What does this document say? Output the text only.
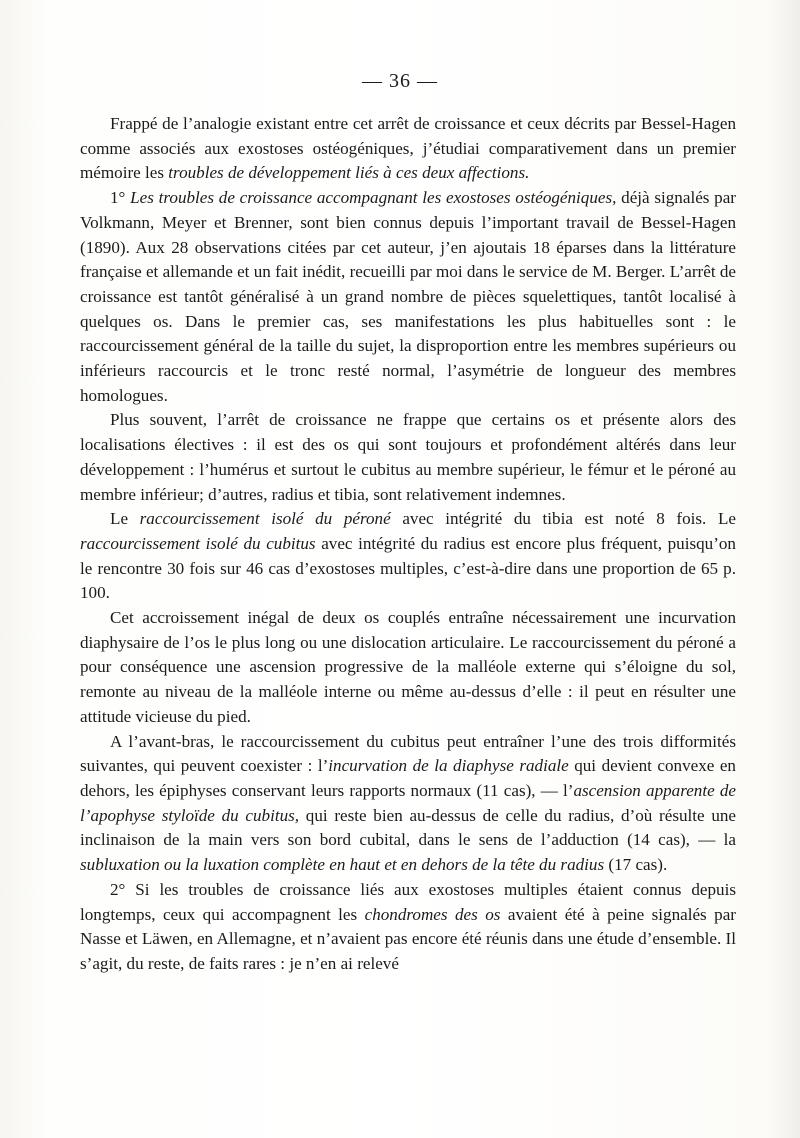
— 36 —

Frappé de l’analogie existant entre cet arrêt de croissance et ceux décrits par Bessel-Hagen comme associés aux exostoses ostéogéniques, j’étudiai comparativement dans un premier mémoire les troubles de développement liés à ces deux affections.

1° Les troubles de croissance accompagnant les exostoses ostéogéniques, déjà signalés par Volkmann, Meyer et Brenner, sont bien connus depuis l’important travail de Bessel-Hagen (1890). Aux 28 observations citées par cet auteur, j’en ajoutais 18 éparses dans la littérature française et allemande et un fait inédit, recueilli par moi dans le service de M. Berger. L’arrêt de croissance est tantôt généralisé à un grand nombre de pièces squelettiques, tantôt localisé à quelques os. Dans le premier cas, ses manifestations les plus habituelles sont : le raccourcissement général de la taille du sujet, la disproportion entre les membres supérieurs ou inférieurs raccourcis et le tronc resté normal, l’asymétrie de longueur des membres homologues.

Plus souvent, l’arrêt de croissance ne frappe que certains os et présente alors des localisations électives : il est des os qui sont toujours et profondément altérés dans leur développement : l’humérus et surtout le cubitus au membre supérieur, le fémur et le péroné au membre inférieur; d’autres, radius et tibia, sont relativement indemnes.

Le raccourcissement isolé du péroné avec intégrité du tibia est noté 8 fois. Le raccourcissement isolé du cubitus avec intégrité du radius est encore plus fréquent, puisqu’on le rencontre 30 fois sur 46 cas d’exostoses multiples, c’est-à-dire dans une proportion de 65 p. 100.

Cet accroissement inégal de deux os couplés entraîne nécessairement une incurvation diaphysaire de l’os le plus long ou une dislocation articulaire. Le raccourcissement du péroné a pour conséquence une ascension progressive de la malléole externe qui s’éloigne du sol, remonte au niveau de la malléole interne ou même au-dessus d’elle : il peut en résulter une attitude vicieuse du pied.

A l’avant-bras, le raccourcissement du cubitus peut entraîner l’une des trois difformités suivantes, qui peuvent coexister : l’incurvation de la diaphyse radiale qui devient convexe en dehors, les épiphyses conservant leurs rapports normaux (11 cas), — l’ascension apparente de l’apophyse styloïde du cubitus, qui reste bien au-dessus de celle du radius, d’où résulte une inclinaison de la main vers son bord cubital, dans le sens de l’adduction (14 cas), — la subluxation ou la luxation complète en haut et en dehors de la tête du radius (17 cas).

2° Si les troubles de croissance liés aux exostoses multiples étaient connus depuis longtemps, ceux qui accompagnent les chondromes des os avaient été à peine signalés par Nasse et Läwen, en Allemagne, et n’avaient pas encore été réunis dans une étude d’ensemble. Il s’agit, du reste, de faits rares : je n’en ai relevé
